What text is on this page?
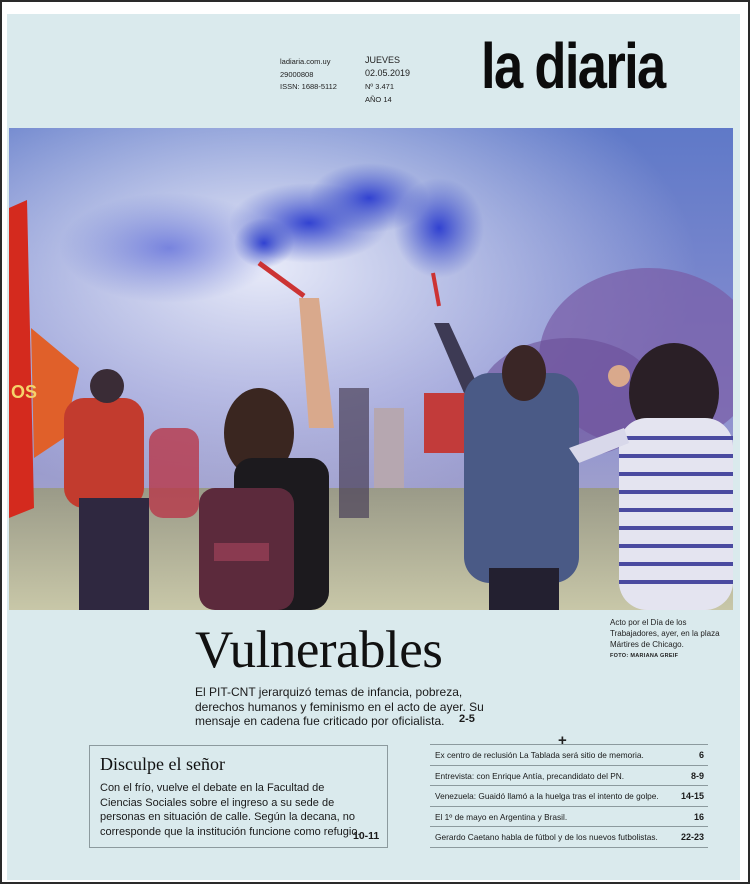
ladiaria.com.uy
29000808
ISSN: 1688-5112
JUEVES
02.05.2019
Nº 3.471
AÑO 14 la diaria
OS
Acto por el Día de los Trabajadores, ayer, en la plaza Mártires de Chicago.
FOTO: MARIANA GREIF
Vulnerables
El PIT-CNT jerarquizó temas de infancia, pobreza, derechos humanos y feminismo en el acto de ayer. Su mensaje en cadena fue criticado por oficialista.	2-5
Disculpe el señor
Con el frío, vuelve el debate en la Facultad de Ciencias Sociales sobre el ingreso a su sede de personas en situación de calle. Según la decana, no corresponde que la institución funcione como refugio.
10-11
+
Ex centro de reclusión La Tablada será sitio de memoria.	6
Entrevista: con Enrique Antía, precandidato del PN.	8-9
Venezuela: Guaidó llamó a la huelga tras el intento de golpe. 14-15
El 1º de mayo en Argentina y Brasil.	16
Gerardo Caetano habla de fútbol y de los nuevos futbolistas.	22-23
